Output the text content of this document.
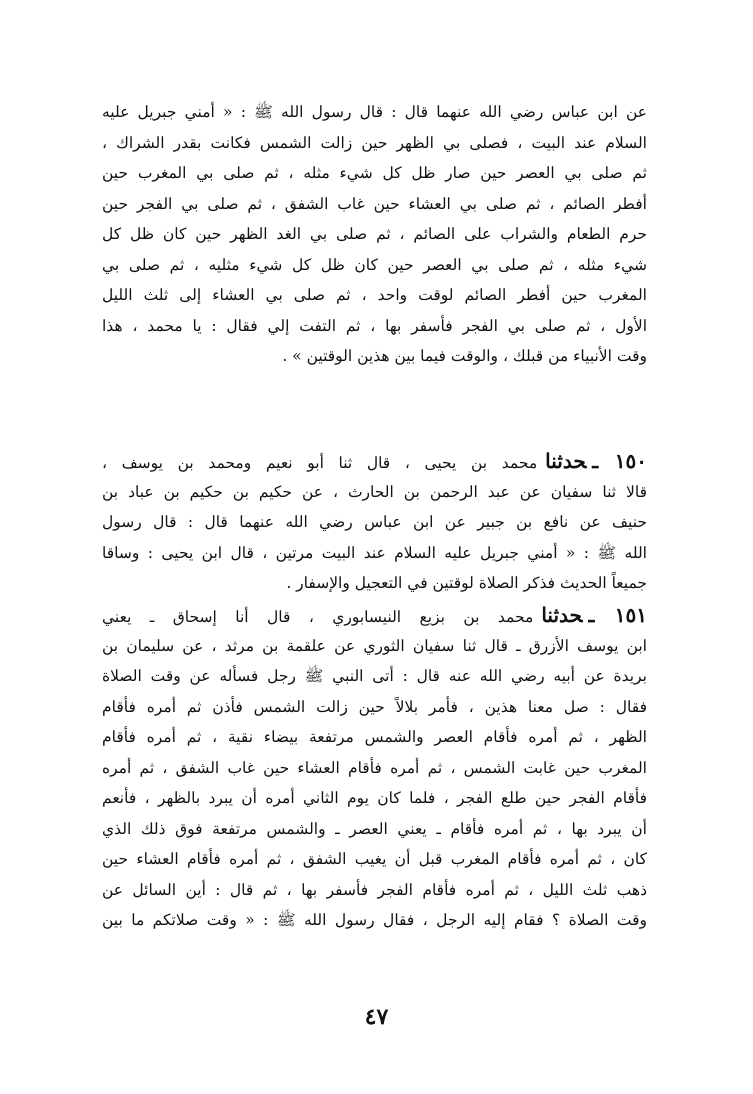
عن ابن عباس رضي الله عنهما قال : قال رسول الله ﷺ : « أمني جبريل عليه
السلام عند البيت ، فصلى بي الظهر حين زالت الشمس فكانت بقدر الشراك ،
ثم صلى بي العصر حين صار ظل كل شيء مثله ، ثم صلى بي المغرب حين
أفطر الصائم ، ثم صلى بي العشاء حين غاب الشفق ، ثم صلى بي الفجر حين
حرم الطعام والشراب على الصائم ، ثم صلى بي الغد الظهر حين كان ظل كل
شيء مثله ، ثم صلى بي العصر حين كان ظل كل شيء مثليه ، ثم صلى بي
المغرب حين أفطر الصائم لوقت واحد ، ثم صلى بي العشاء إلى ثلث الليل
الأول ، ثم صلى بي الفجر فأسفر بها ، ثم التفت إلي فقال : يا محمد ، هذا
وقت الأنبياء من قبلك ، والوقت فيما بين هذين الوقتين » .
١٥٠ ـحدثنامحمد بن يحيى ، قال ثنا أبو نعيم ومحمد بن يوسف ،
قالا ثنا سفيان عن عبد الرحمن بن الحارث ، عن حكيم بن حكيم بن عباد بن
حنيف عن نافع بن جبير عن ابن عباس رضي الله عنهما قال : قال رسول
الله ﷺ : « أمني جبريل عليه السلام عند البيت مرتين ، قال ابن يحيى : وساقا
جميعاً الحديث فذكر الصلاة لوقتين في التعجيل والإسفار .
١٥١ ـحدثنامحمد بن بزيع النيسابوري ، قال أنا إسحاق ـ يعني
ابن يوسف الأزرق ـ قال ثنا سفيان الثوري عن علقمة بن مرثد ، عن سليمان بن
بريدة عن أبيه رضي الله عنه قال : أتى النبي ﷺ رجل فسأله عن وقت الصلاة
فقال : صل معنا هذين ، فأمر بلالاً حين زالت الشمس فأذن ثم أمره فأقام
الظهر ، ثم أمره فأقام العصر والشمس مرتفعة بيضاء نقية ، ثم أمره فأقام
المغرب حين غابت الشمس ، ثم أمره فأقام العشاء حين غاب الشفق ، ثم أمره
فأقام الفجر حين طلع الفجر ، فلما كان يوم الثاني أمره أن يبرد بالظهر ، فأنعم
أن يبرد بها ، ثم أمره فأقام ـ يعني العصر ـ والشمس مرتفعة فوق ذلك الذي
كان ، ثم أمره فأقام المغرب قبل أن يغيب الشفق ، ثم أمره فأقام العشاء حين
ذهب ثلث الليل ، ثم أمره فأقام الفجر فأسفر بها ، ثم قال : أين السائل عن
وقت الصلاة ؟ فقام إليه الرجل ، فقال رسول الله ﷺ : « وقت صلاتكم ما بين
٤٧
